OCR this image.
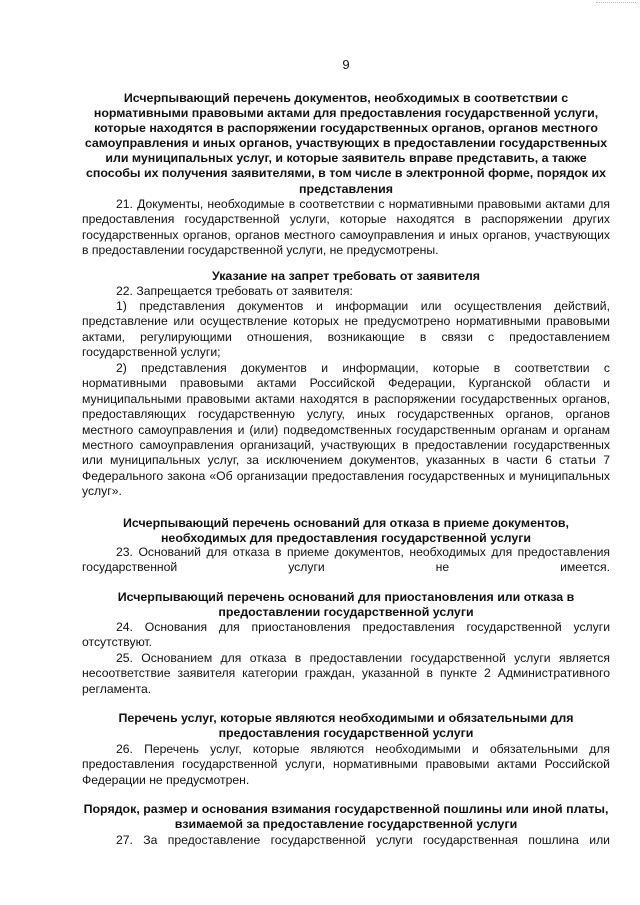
9
Исчерпывающий перечень документов, необходимых в соответствии с нормативными правовыми актами для предоставления государственной услуги, которые находятся в распоряжении государственных органов, органов местного самоуправления и иных органов, участвующих в предоставлении государственных или муниципальных услуг, и которые заявитель вправе представить, а также способы их получения заявителями, в том числе в электронной форме, порядок их представления
21. Документы, необходимые в соответствии с нормативными правовыми актами для предоставления государственной услуги, которые находятся в распоряжении других государственных органов, органов местного самоуправления и иных органов, участвующих в предоставлении государственной услуги, не предусмотрены.
Указание на запрет требовать от заявителя
22. Запрещается требовать от заявителя:
1) представления документов и информации или осуществления действий, представление или осуществление которых не предусмотрено нормативными правовыми актами, регулирующими отношения, возникающие в связи с предоставлением государственной услуги;
2) представления документов и информации, которые в соответствии с нормативными правовыми актами Российской Федерации, Курганской области и муниципальными правовыми актами находятся в распоряжении государственных органов, предоставляющих государственную услугу, иных государственных органов, органов местного самоуправления и (или) подведомственных государственным органам и органам местного самоуправления организаций, участвующих в предоставлении государственных или муниципальных услуг, за исключением документов, указанных в части 6 статьи 7 Федерального закона «Об организации предоставления государственных и муниципальных услуг».
Исчерпывающий перечень оснований для отказа в приеме документов, необходимых для предоставления государственной услуги
23. Оснований для отказа в приеме документов, необходимых для предоставления государственной услуги не имеется.
Исчерпывающий перечень оснований для приостановления или отказа в предоставлении государственной услуги
24. Основания для приостановления предоставления государственной услуги отсутствуют.
25. Основанием для отказа в предоставлении государственной услуги является несоответствие заявителя категории граждан, указанной в пункте 2 Административного регламента.
Перечень услуг, которые являются необходимыми и обязательными для предоставления государственной услуги
26. Перечень услуг, которые являются необходимыми и обязательными для предоставления государственной услуги, нормативными правовыми актами Российской Федерации не предусмотрен.
Порядок, размер и основания взимания государственной пошлины или иной платы, взимаемой за предоставление государственной услуги
27. За предоставление государственной услуги государственная пошлина или
